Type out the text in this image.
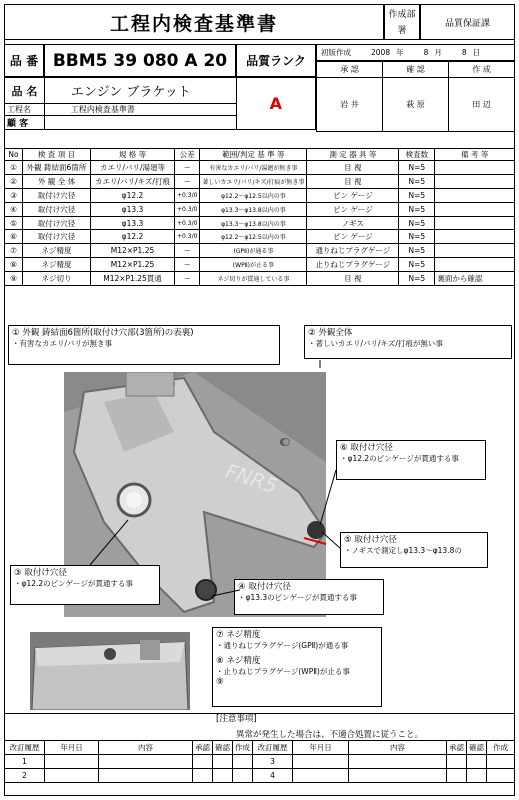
工程内検査基準書	作成部署
品質保証課
品 番 BBM5 39 080 A 20	品質ランク
初版作成	2008 年	8 月	8 日
承 認	確 認	作 成
岩 井	萩 原	田 辺
品 名	エンジン ブラケット	A
工程名	工程内検査基準書	
顧 客		
No	検 査 項 目	規 格 等	公差	範囲/判定 基 準 等	測 定 器 具 等	検査数	備 考 等
①	外観 鋳結面6箇所	カエリ/バリ/湯廻等	—	有害なカエリ/バリ/湯廻が無き事	目 視	N=5	
②	外 観 全 体	カエリ/バリ/キズ/打痕	—	著しいカエリ/バリ/キズ/打痕が無き事	目 視	N=5	
③	取付け穴径	φ12.2	+0.3/0	φ12.2～φ12.5以内の事	ピン ゲージ	N=5	
④	取付け穴径	φ13.3	+0.3/0	φ13.3～φ13.8以内の事	ピン ゲージ	N=5	
⑤	取付け穴径	φ13.3	+0.3/0	φ13.3～φ13.8以内の事	ノギス	N=5	
⑥	取付け穴径	φ12.2	+0.3/0	φ12.2～φ12.5以内の事	ピン ゲージ	N=5	
⑦	ネジ精度	M12×P1.25	—	(GPⅡ)が通る事	通りねじプラグゲージ	N=5	
⑧	ネジ精度	M12×P1.25	—	(WPⅡ)が止る事	止りねじプラグゲージ	N=5	
⑨	ネジ切り	M12×P1.25貫通	—	ネジ切りが貫通している事	目 視	N=5	裏面から確認
FNR5
① 外観 鋳結面6箇所(取付け穴部(3箇所)の表裏)
・有害なカエリ/バリが無き事
② 外観全体
・著しいカエリ/バリ/キズ/打痕が無い事
⑥ 取付け穴径
・φ12.2のピンゲージが貫通する事
⑤ 取付け穴径
・ノギスで測定しφ13.3～φ13.8の
③ 取付け穴径
・φ12.2のピンゲージが貫通する事	④ 取付け穴径
・φ13.3のピンゲージが貫通する事
⑦ ネジ精度
・通りねじプラグゲージ(GPⅡ)が通る事
⑧ ネジ精度
・止りねじプラグゲージ(WPⅡ)が止る事
⑨
[注意事項]
異常が発生した場合は、不適合処置に従うこと。
改訂履歴	年月日	内容	承認	確認	作成	改訂履歴	年月日	内容	承認	確認	作成
1						3					
2						4					
